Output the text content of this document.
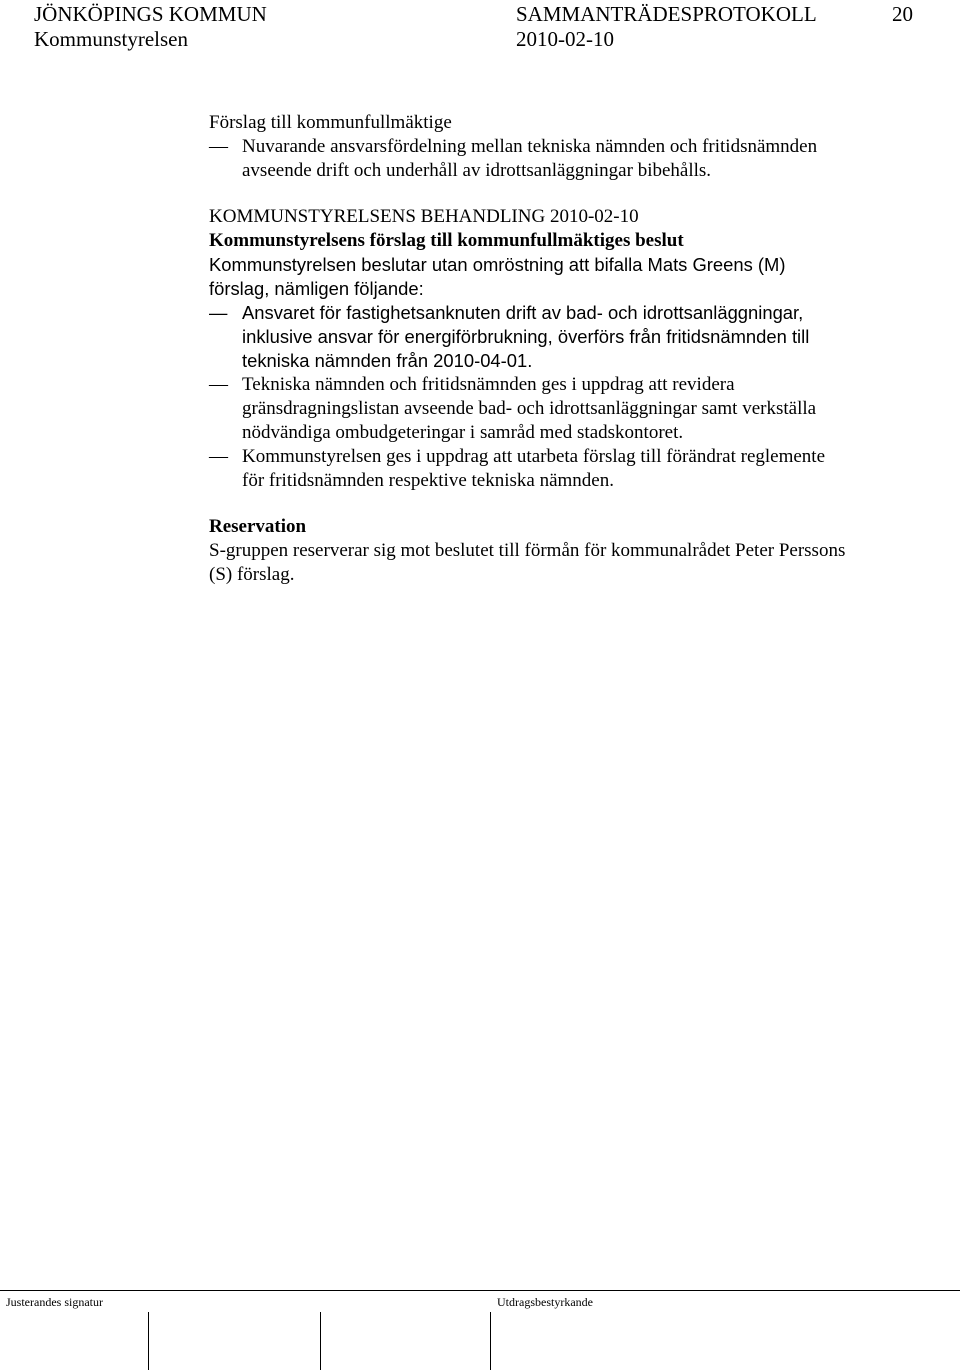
JÖNKÖPINGS KOMMUN	SAMMANTRÄDESPROTOKOLL	20
Kommunstyrelsen	2010-02-10

Förslag till kommunfullmäktige

— Nuvarande ansvarsfördelning mellan tekniska nämnden och fritidsnämnden avseende drift och underhåll av idrottsanläggningar bibehålls.

KOMMUNSTYRELSENS BEHANDLING 2010-02-10

Kommunstyrelsens förslag till kommunfullmäktiges beslut

Kommunstyrelsen beslutar utan omröstning att bifalla Mats Greens (M) förslag, nämligen följande:

— Ansvaret för fastighetsanknuten drift av bad- och idrottsanläggningar, inklusive ansvar för energiförbrukning, överförs från fritidsnämnden till tekniska nämnden från 2010-04-01.
— Tekniska nämnden och fritidsnämnden ges i uppdrag att revidera gränsdragningslistan avseende bad- och idrottsanläggningar samt verkställa nödvändiga ombudgeteringar i samråd med stadskontoret.
— Kommunstyrelsen ges i uppdrag att utarbeta förslag till förändrat reglemente för fritidsnämnden respektive tekniska nämnden.

Reservation

S-gruppen reserverar sig mot beslutet till förmån för kommunalrådet Peter Perssons (S) förslag.

Justerandes signatur	Utdragsbestyrkande
